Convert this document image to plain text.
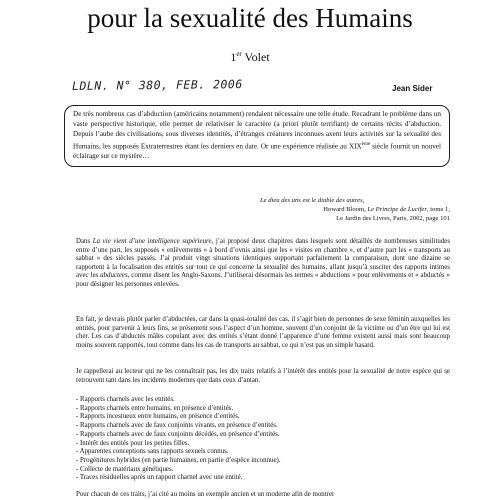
pour la sexualité des Humains
1er Volet
LDLN. N° 380, FEB. 2006	Jean Sider
De très nombreux cas d’abduction (américains notamment) rendaient nécessaire une telle étude. Recadrant le problème dans un vaste perspective historique, elle permet de relativiser le caractère (a priori plutôt terrifiant) de certains récits d’abduction. Depuis l’aube des civilisations, sous diverses identités, d’étranges créatures inconnues axent leurs activités sur la sexualité des Humains, les supposés Extraterrestres étant les derniers en date. Or une expérience réalisée au XIXème siècle fournit un nouvel éclairage sur ce mystère…
Le dieu des uns est le diable des autres,
Howard Bloom, Le Principe de Lucifer, tome 1,
Le Jardin des Livres, Paris, 2002, page 101
Dans La vie vient d’une intelligence supérieure, j’ai proposé deux chapitres dans lesquels sont détaillés de nombreuses similitudes entre d’une part, les supposés « enlèvements » à bord d’ovnis ainsi que les « visites en chambre », et d’autre part les « transports au sabbat » des siècles passés. J’ai produit vingt situations identiques supportant parfaitement la comparaison, dont une dizaine se rapportent à la focalisation des entités sur tout ce qui concerne la sexualité des humains, allant jusqu’à susciter des rapports intimes avec les abductees, comme disent les Anglo-Saxons. J’utiliserai désormais les termes « abductions » pour enlèvements et « abductés » pour désigner les personnes enlevées.
En fait, je devrais plutôt parler d’abductées, car dans la quasi-totalité des cas, il s’agit bien de personnes de sexe féminin auxquelles les entités, pour parvenir à leurs fins, se présentent sous l’aspect d’un homme, souvent d’un conjoint de la victime ou d’un être qui lui est cher. Les cas d’abductés mâles copulant avec des entités s’étant donné l’apparence d’une femme existent aussi mais sont beaucoup moins souvent rapportés, tout comme dans les cas de transports au sabbat, ce qui n’est pas un simple hasard.
Je rappellerai au lecteur qui ne les connaîtrait pas, les dix traits relatifs à l’intérêt des entités pour la sexualité de notre espèce qui se retrouvent tant dans les incidents modernes que dans ceux d’antan.
- Rapports charnels avec les entités.
- Rapports charnels entre humains, en présence d’entités.
- Rapports incestueux entre humains, en présence d’entités.
- Rapports charnels avec de faux conjoints vivants, en présence d’entités.
- Rapports charnels avec de faux conjoints décédés, en présence d’entités.
- Intérêt des entités pour les petites filles.
- Apparentes conceptions sans rapports sexuels connus.
- Progénitures hybrides (en partie humaines, en partie d’espèce inconnue).
- Collecte de matériaux génétiques.
- Traces résiduelles après un rapport charnel avec une entité.
Pour chacun de ces traits, j’ai cité au moins un exemple ancien et un moderne afin de montrer
